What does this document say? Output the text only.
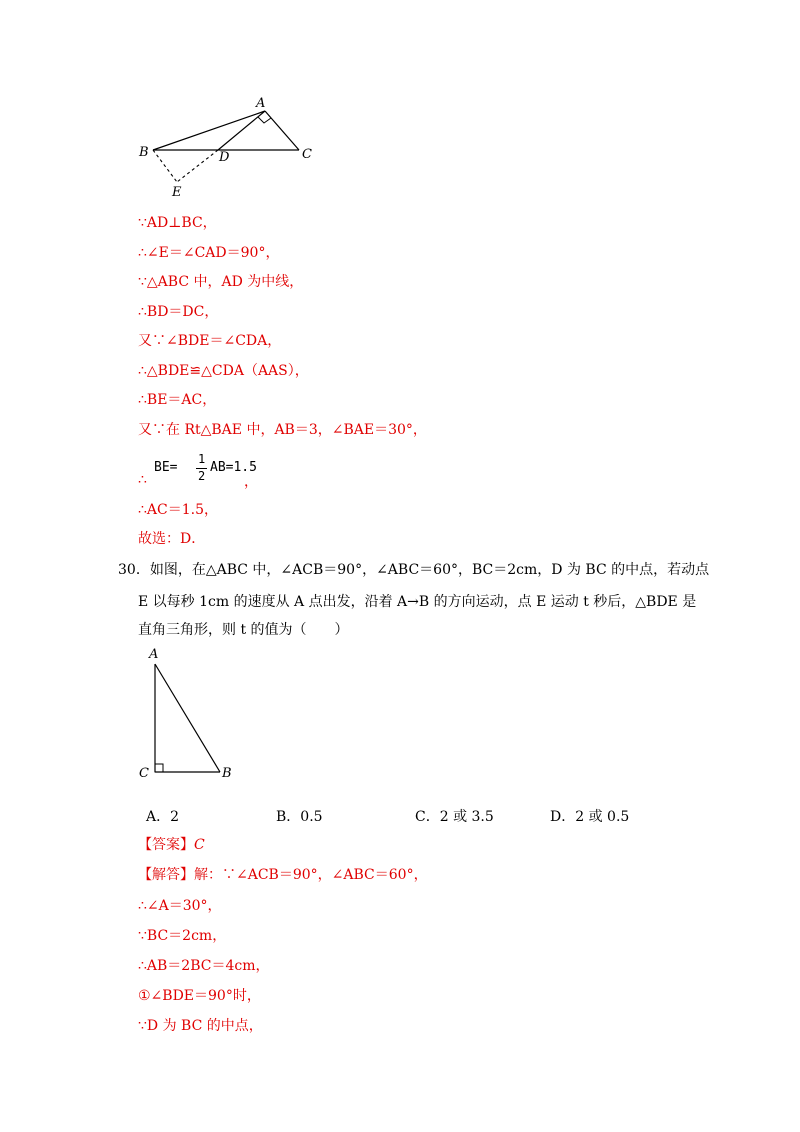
A
B	C
D
E
∵AD⊥BC，
∴∠E＝∠CAD＝90°，
∵△ABC 中，AD 为中线，
∴BD＝DC，
又∵∠BDE＝∠CDA，
∴△BDE≌△CDA（AAS），
∴BE＝AC，
又∵在 Rt△BAE 中，AB＝3，∠BAE＝30°，
∴
BE=
1
2
AB=1.5
，
∴AC＝1.5，
故选：D．
30．如图，在△ABC 中，∠ACB＝90°，∠ABC＝60°，BC＝2cm，D 为 BC 的中点，若动点
E 以每秒 1cm 的速度从 A 点出发，沿着 A→B 的方向运动，点 E 运动 t 秒后，△BDE 是
直角三角形，则 t 的值为（　　）
A
C	B
A．2	B．0.5	C．2 或 3.5	D．2 或 0.5
【答案】C
【解答】解：∵∠ACB＝90°，∠ABC＝60°，
∴∠A＝30°，
∵BC＝2cm，
∴AB＝2BC＝4cm，
①∠BDE＝90°时，
∵D 为 BC 的中点，
